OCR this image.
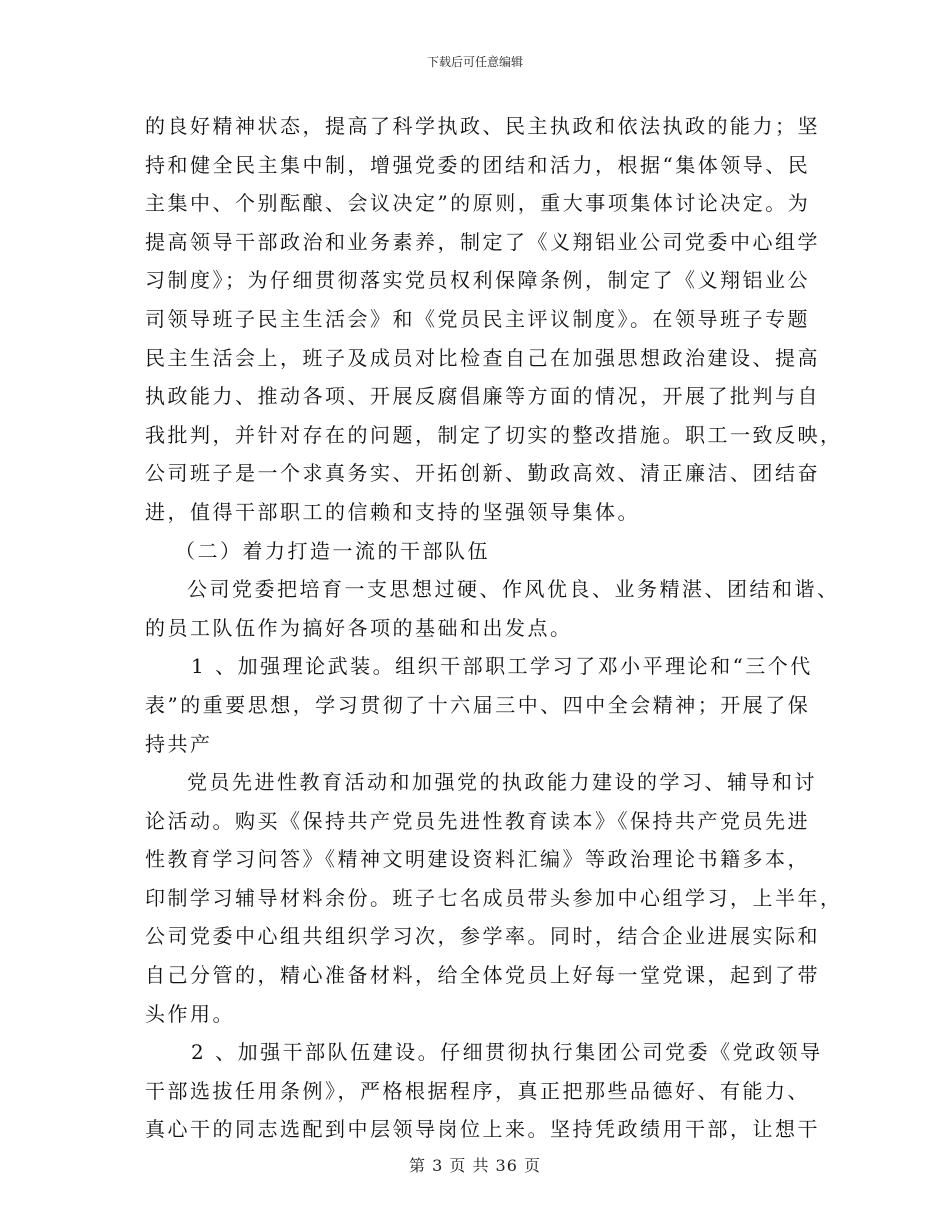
下载后可任意编辑
的良好精神状态，提高了科学执政、民主执政和依法执政的能力；坚
持和健全民主集中制，增强党委的团结和活力，根据“集体领导、民
主集中、个别酝酿、会议决定”的原则，重大事项集体讨论决定。为
提高领导干部政治和业务素养，制定了《义翔铝业公司党委中心组学
习制度》；为仔细贯彻落实党员权利保障条例，制定了《义翔铝业公
司领导班子民主生活会》和《党员民主评议制度》。在领导班子专题
民主生活会上，班子及成员对比检查自己在加强思想政治建设、提高
执政能力、推动各项、开展反腐倡廉等方面的情况，开展了批判与自
我批判，并针对存在的问题，制定了切实的整改措施。职工一致反映，
公司班子是一个求真务实、开拓创新、勤政高效、清正廉洁、团结奋
进，值得干部职工的信赖和支持的坚强领导集体。
（二）着力打造一流的干部队伍
公司党委把培育一支思想过硬、作风优良、业务精湛、团结和谐、
的员工队伍作为搞好各项的基础和出发点。
1 、加强理论武装。组织干部职工学习了邓小平理论和“三个代
表”的重要思想，学习贯彻了十六届三中、四中全会精神；开展了保
持共产
党员先进性教育活动和加强党的执政能力建设的学习、辅导和讨
论活动。购买《保持共产党员先进性教育读本》《保持共产党员先进
性教育学习问答》《精神文明建设资料汇编》等政治理论书籍多本，
印制学习辅导材料余份。班子七名成员带头参加中心组学习，上半年，
公司党委中心组共组织学习次，参学率。同时，结合企业进展实际和
自己分管的，精心准备材料，给全体党员上好每一堂党课，起到了带
头作用。
2 、加强干部队伍建设。仔细贯彻执行集团公司党委《党政领导
干部选拔任用条例》，严格根据程序，真正把那些品德好、有能力、
真心干的同志选配到中层领导岗位上来。坚持凭政绩用干部，让想干
第 3 页 共 36 页
